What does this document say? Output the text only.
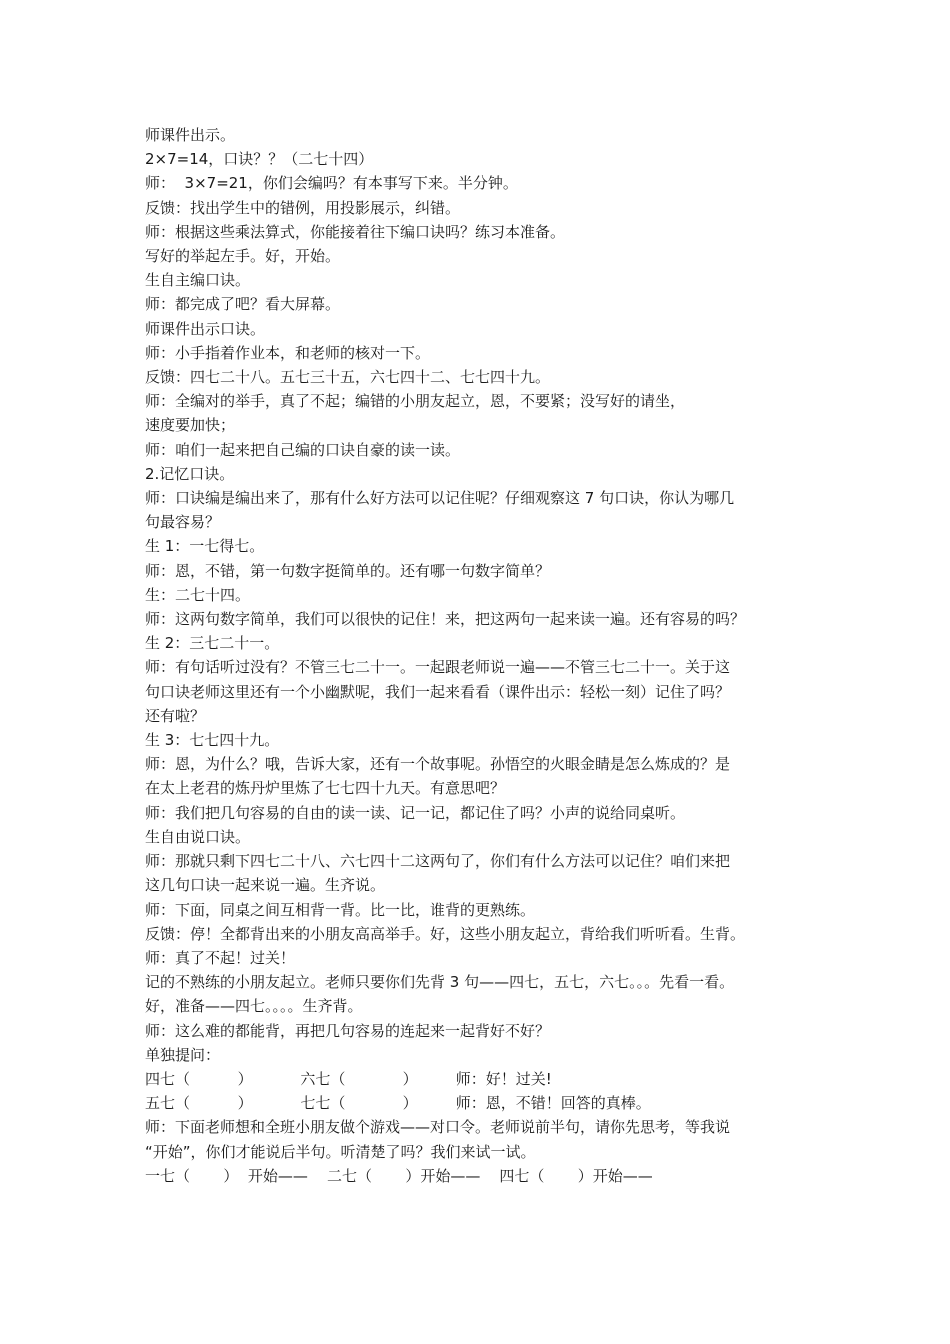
师课件出示。
2×7=14，口诀？？（二七十四）
师：  3×7=21，你们会编吗？有本事写下来。半分钟。
反馈：找出学生中的错例，用投影展示，纠错。
师：根据这些乘法算式，你能接着往下编口诀吗？练习本准备。
写好的举起左手。好，开始。
生自主编口诀。
师：都完成了吧？看大屏幕。
师课件出示口诀。
师：小手指着作业本，和老师的核对一下。
反馈：四七二十八。五七三十五，六七四十二、七七四十九。
师：全编对的举手，真了不起；编错的小朋友起立，恩，不要紧；没写好的请坐，
速度要加快；
师：咱们一起来把自己编的口诀自豪的读一读。
2.记忆口诀。
师：口诀编是编出来了，那有什么好方法可以记住呢？仔细观察这 7 句口诀，你认为哪几
句最容易？
生 1：一七得七。
师：恩，不错，第一句数字挺简单的。还有哪一句数字简单？
生：二七十四。
师：这两句数字简单，我们可以很快的记住！来，把这两句一起来读一遍。还有容易的吗？
生 2：三七二十一。
师：有句话听过没有？不管三七二十一。一起跟老师说一遍——不管三七二十一。关于这
句口诀老师这里还有一个小幽默呢，我们一起来看看（课件出示：轻松一刻）记住了吗？
还有啦？
生 3：七七四十九。
师：恩，为什么？哦，告诉大家，还有一个故事呢。孙悟空的火眼金睛是怎么炼成的？是
在太上老君的炼丹炉里炼了七七四十九天。有意思吧？
师：我们把几句容易的自由的读一读、记一记，都记住了吗？小声的说给同桌听。
生自由说口诀。
师：那就只剩下四七二十八、六七四十二这两句了，你们有什么方法可以记住？咱们来把
这几句口诀一起来说一遍。生齐说。
师：下面，同桌之间互相背一背。比一比，谁背的更熟练。
反馈：停！全都背出来的小朋友高高举手。好，这些小朋友起立，背给我们听听看。生背。
师：真了不起！过关！
记的不熟练的小朋友起立。老师只要你们先背 3 句——四七，五七，六七。。。先看一看。
好，准备——四七。。。。生齐背。
师：这么难的都能背，再把几句容易的连起来一起背好不好？
单独提问：
四七（          ）          六七（            ）        师：好！过关!
五七（          ）          七七（            ）        师：恩，不错！回答的真棒。
师：下面老师想和全班小朋友做个游戏——对口令。老师说前半句，请你先思考，等我说
“开始”，你们才能说后半句。听清楚了吗？我们来试一试。
一七（       ）  开始——    二七（       ）开始——    四七（       ）开始——
